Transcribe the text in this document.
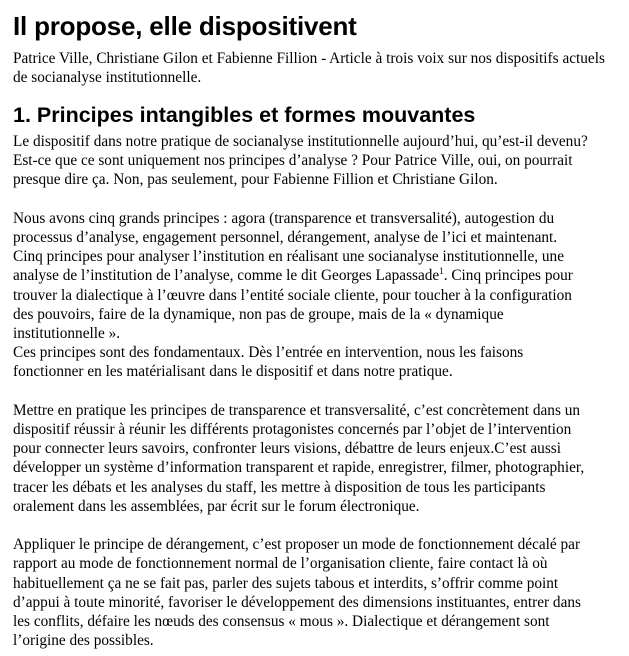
Il propose, elle dispositivent
Patrice Ville, Christiane Gilon et Fabienne Fillion - Article à trois voix sur nos dispositifs actuels de socianalyse institutionnelle.
1. Principes intangibles et formes mouvantes
Le dispositif dans notre pratique de socianalyse institutionnelle aujourd’hui, qu’est-il devenu?
Est-ce que ce sont uniquement nos principes d’analyse ? Pour Patrice Ville, oui, on pourrait
presque dire ça. Non, pas seulement, pour Fabienne Fillion et Christiane Gilon.
Nous avons cinq grands principes : agora (transparence et transversalité), autogestion du
processus d’analyse, engagement personnel, dérangement, analyse de l’ici et maintenant.
Cinq principes pour analyser l’institution en réalisant une socianalyse institutionnelle, une
analyse de l’institution de l’analyse, comme le dit Georges Lapassade$^1$. Cinq principes pour
trouver la dialectique à l’œuvre dans l’entité sociale cliente, pour toucher à la configuration
des pouvoirs, faire de la dynamique, non pas de groupe, mais de la « dynamique
institutionnelle ».
Ces principes sont des fondamentaux. Dès l’entrée en intervention, nous les faisons
fonctionner en les matérialisant dans le dispositif et dans notre pratique.
Mettre en pratique les principes de transparence et transversalité, c’est concrètement dans un
dispositif réussir à réunir les différents protagonistes concernés par l’objet de l’intervention
pour connecter leurs savoirs, confronter leurs visions, débattre de leurs enjeux.C’est aussi
développer un système d’information transparent et rapide, enregistrer, filmer, photographier,
tracer les débats et les analyses du staff, les mettre à disposition de tous les participants
oralement dans les assemblées, par écrit sur le forum électronique.
Appliquer le principe de dérangement, c’est proposer un mode de fonctionnement décalé par
rapport au mode de fonctionnement normal de l’organisation cliente, faire contact là où
habituellement ça ne se fait pas, parler des sujets tabous et interdits, s’offrir comme point
d’appui à toute minorité, favoriser le développement des dimensions instituantes, entrer dans
les conflits, défaire les nœuds des consensus « mous ». Dialectique et dérangement sont
l’origine des possibles.
